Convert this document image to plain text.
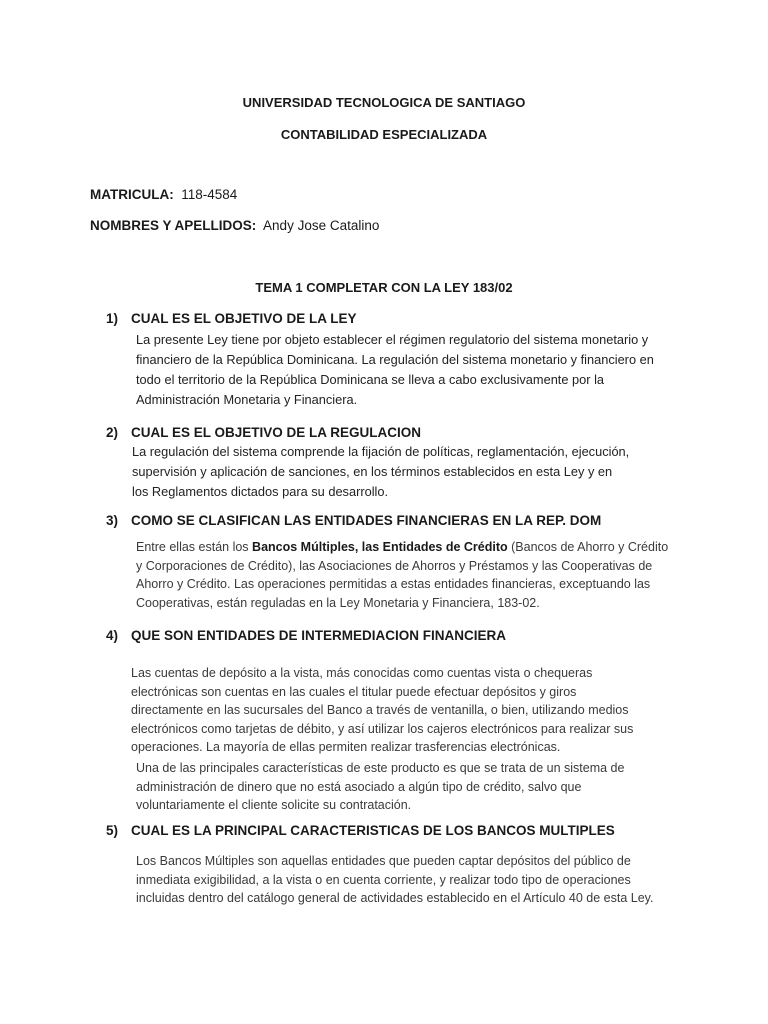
UNIVERSIDAD TECNOLOGICA DE SANTIAGO
CONTABILIDAD ESPECIALIZADA
MATRICULA: 118-4584
NOMBRES Y APELLIDOS: Andy Jose Catalino
TEMA 1 COMPLETAR CON LA LEY 183/02
1) CUAL ES EL OBJETIVO DE LA LEY
La presente Ley tiene por objeto establecer el régimen regulatorio del sistema monetario y financiero de la República Dominicana. La regulación del sistema monetario y financiero en todo el territorio de la República Dominicana se lleva a cabo exclusivamente por la Administración Monetaria y Financiera.
2) CUAL ES EL OBJETIVO DE LA REGULACION
La regulación del sistema comprende la fijación de políticas, reglamentación, ejecución, supervisión y aplicación de sanciones, en los términos establecidos en esta Ley y en los Reglamentos dictados para su desarrollo.
3) COMO SE CLASIFICAN LAS ENTIDADES FINANCIERAS EN LA REP. DOM
Entre ellas están los Bancos Múltiples, las Entidades de Crédito (Bancos de Ahorro y Crédito y Corporaciones de Crédito), las Asociaciones de Ahorros y Préstamos y las Cooperativas de Ahorro y Crédito. Las operaciones permitidas a estas entidades financieras, exceptuando las Cooperativas, están reguladas en la Ley Monetaria y Financiera, 183-02.
4) QUE SON ENTIDADES DE INTERMEDIACION FINANCIERA
Las cuentas de depósito a la vista, más conocidas como cuentas vista o chequeras electrónicas son cuentas en las cuales el titular puede efectuar depósitos y giros directamente en las sucursales del Banco a través de ventanilla, o bien, utilizando medios electrónicos como tarjetas de débito, y así utilizar los cajeros electrónicos para realizar sus operaciones. La mayoría de ellas permiten realizar trasferencias electrónicas.
Una de las principales características de este producto es que se trata de un sistema de administración de dinero que no está asociado a algún tipo de crédito, salvo que voluntariamente el cliente solicite su contratación.
5) CUAL ES LA PRINCIPAL CARACTERISTICAS DE LOS BANCOS MULTIPLES
Los Bancos Múltiples son aquellas entidades que pueden captar depósitos del público de inmediata exigibilidad, a la vista o en cuenta corriente, y realizar todo tipo de operaciones incluidas dentro del catálogo general de actividades establecido en el Artículo 40 de esta Ley.
